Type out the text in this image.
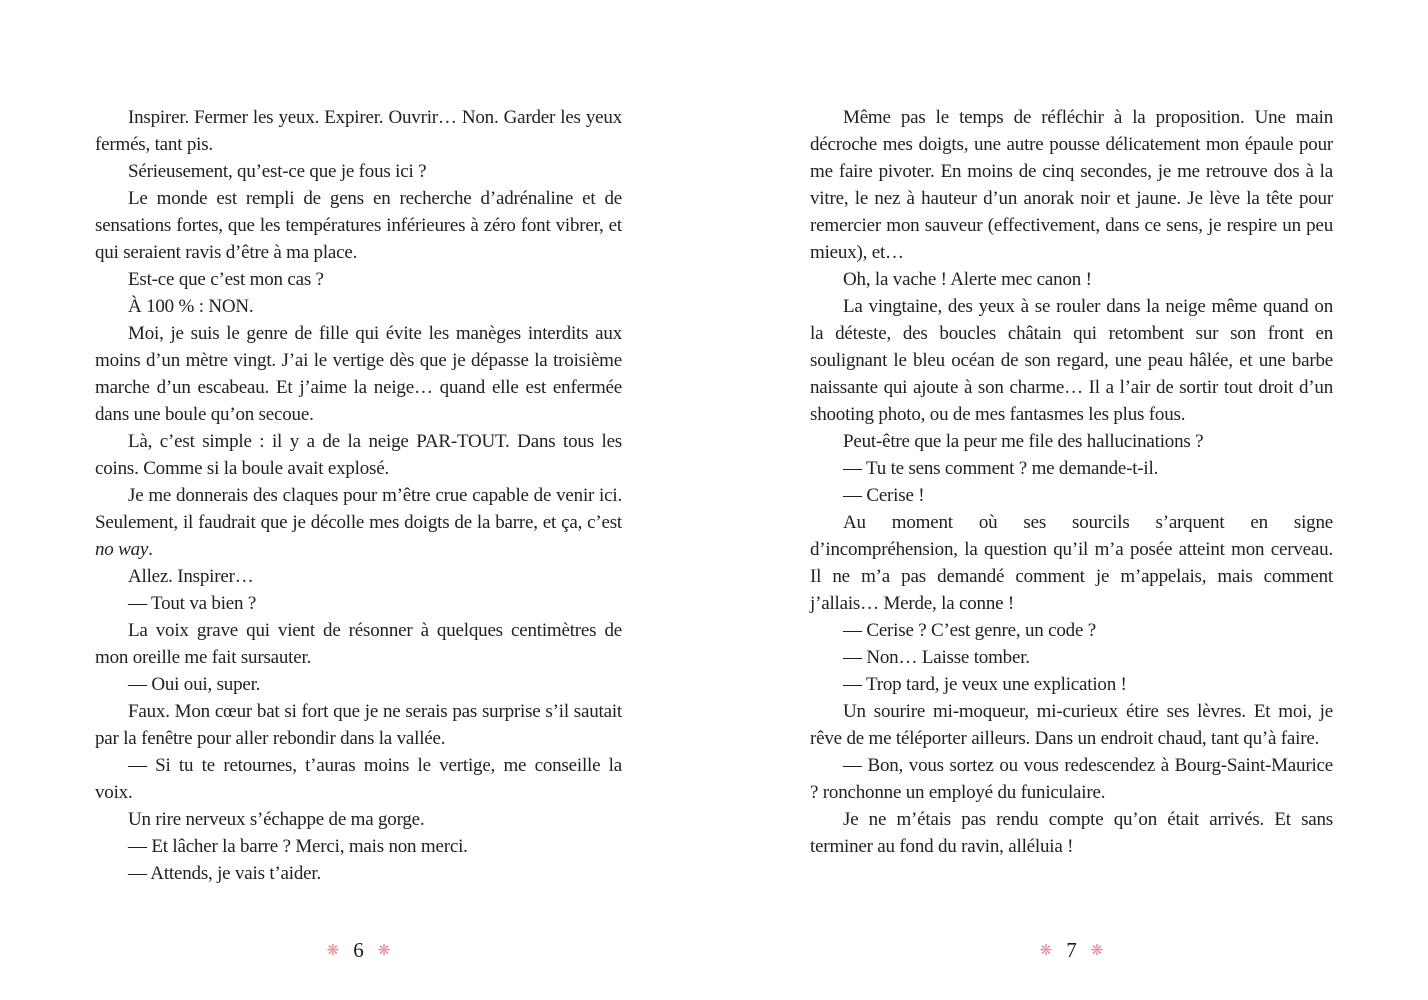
Inspirer. Fermer les yeux. Expirer. Ouvrir… Non. Garder les yeux fermés, tant pis.

Sérieusement, qu’est-ce que je fous ici ?

Le monde est rempli de gens en recherche d’adrénaline et de sensations fortes, que les températures inférieures à zéro font vibrer, et qui seraient ravis d’être à ma place.

Est-ce que c’est mon cas ?

À 100 % : NON.

Moi, je suis le genre de fille qui évite les manèges interdits aux moins d’un mètre vingt. J’ai le vertige dès que je dépasse la troisième marche d’un escabeau. Et j’aime la neige… quand elle est enfermée dans une boule qu’on secoue.

Là, c’est simple : il y a de la neige PAR-TOUT. Dans tous les coins. Comme si la boule avait explosé.

Je me donnerais des claques pour m’être crue capable de venir ici. Seulement, il faudrait que je décolle mes doigts de la barre, et ça, c’est no way.

Allez. Inspirer…

— Tout va bien ?

La voix grave qui vient de résonner à quelques centimètres de mon oreille me fait sursauter.

— Oui oui, super.

Faux. Mon cœur bat si fort que je ne serais pas surprise s’il sautait par la fenêtre pour aller rebondir dans la vallée.

— Si tu te retournes, t’auras moins le vertige, me conseille la voix.

Un rire nerveux s’échappe de ma gorge.

— Et lâcher la barre ? Merci, mais non merci.

— Attends, je vais t’aider.

Même pas le temps de réfléchir à la proposition. Une main décroche mes doigts, une autre pousse délicatement mon épaule pour me faire pivoter. En moins de cinq secondes, je me retrouve dos à la vitre, le nez à hauteur d’un anorak noir et jaune. Je lève la tête pour remercier mon sauveur (effectivement, dans ce sens, je respire un peu mieux), et…

Oh, la vache ! Alerte mec canon !

La vingtaine, des yeux à se rouler dans la neige même quand on la déteste, des boucles châtain qui retombent sur son front en soulignant le bleu océan de son regard, une peau hâlée, et une barbe naissante qui ajoute à son charme… Il a l’air de sortir tout droit d’un shooting photo, ou de mes fantasmes les plus fous.

Peut-être que la peur me file des hallucinations ?

— Tu te sens comment ? me demande-t-il.

— Cerise !

Au moment où ses sourcils s’arquent en signe d’incompréhension, la question qu’il m’a posée atteint mon cerveau. Il ne m’a pas demandé comment je m’appelais, mais comment j’allais… Merde, la conne !

— Cerise ? C’est genre, un code ?

— Non… Laisse tomber.

— Trop tard, je veux une explication !

Un sourire mi-moqueur, mi-curieux étire ses lèvres. Et moi, je rêve de me téléporter ailleurs. Dans un endroit chaud, tant qu’à faire.

— Bon, vous sortez ou vous redescendez à Bourg-Saint-Maurice ? ronchonne un employé du funiculaire.

Je ne m’étais pas rendu compte qu’on était arrivés. Et sans terminer au fond du ravin, alléluia !

❋ 6 ❋	❋ 7 ❋
